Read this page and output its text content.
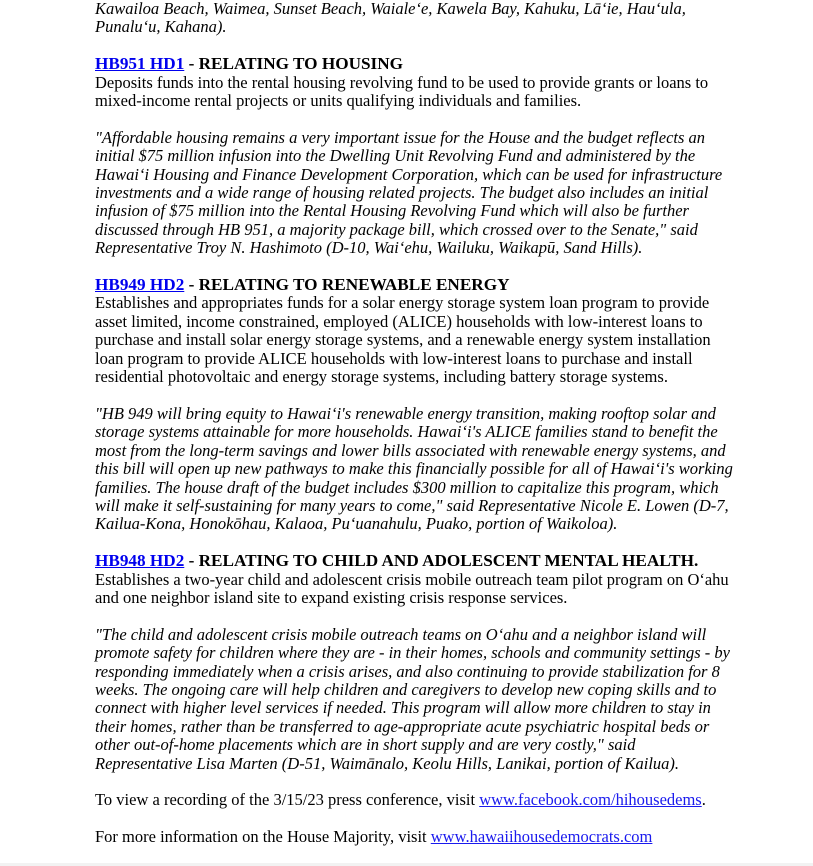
Kawailoa Beach, Waimea, Sunset Beach, Waialeʻe, Kawela Bay, Kahuku, Lāʻie, Hauʻula,
Punaluʻu, Kahana).

HB951 HD1 - RELATING TO HOUSING

Deposits funds into the rental housing revolving fund to be used to provide grants or loans to mixed-income rental projects or units qualifying individuals and families.

"Affordable housing remains a very important issue for the House and the budget reflects an initial $75 million infusion into the Dwelling Unit Revolving Fund and administered by the Hawaiʻi Housing and Finance Development Corporation, which can be used for infrastructure investments and a wide range of housing related projects. The budget also includes an initial infusion of $75 million into the Rental Housing Revolving Fund which will also be further discussed through HB 951, a majority package bill, which crossed over to the Senate," said Representative Troy N. Hashimoto (D-10, Waiʻehu, Wailuku, Waikapū, Sand Hills).

HB949 HD2 - RELATING TO RENEWABLE ENERGY

Establishes and appropriates funds for a solar energy storage system loan program to provide asset limited, income constrained, employed (ALICE) households with low-interest loans to purchase and install solar energy storage systems, and a renewable energy system installation loan program to provide ALICE households with low-interest loans to purchase and install residential photovoltaic and energy storage systems, including battery storage systems.

"HB 949 will bring equity to Hawaiʻi's renewable energy transition, making rooftop solar and storage systems attainable for more households. Hawaiʻi's ALICE families stand to benefit the most from the long-term savings and lower bills associated with renewable energy systems, and this bill will open up new pathways to make this financially possible for all of Hawaiʻi's working families. The house draft of the budget includes $300 million to capitalize this program, which will make it self-sustaining for many years to come," said Representative Nicole E. Lowen (D-7, Kailua-Kona, Honokōhau, Kalaoa, Puʻuanahulu, Puako, portion of Waikoloa).

HB948 HD2 - RELATING TO CHILD AND ADOLESCENT MENTAL HEALTH.

Establishes a two-year child and adolescent crisis mobile outreach team pilot program on Oʻahu and one neighbor island site to expand existing crisis response services.

"The child and adolescent crisis mobile outreach teams on Oʻahu and a neighbor island will promote safety for children where they are - in their homes, schools and community settings - by responding immediately when a crisis arises, and also continuing to provide stabilization for 8 weeks. The ongoing care will help children and caregivers to develop new coping skills and to connect with higher level services if needed. This program will allow more children to stay in their homes, rather than be transferred to age-appropriate acute psychiatric hospital beds or other out-of-home placements which are in short supply and are very costly," said Representative Lisa Marten (D-51, Waimānalo, Keolu Hills, Lanikai, portion of Kailua).

To view a recording of the 3/15/23 press conference, visit www.facebook.com/hihousedems.

For more information on the House Majority, visit www.hawaiihousedemocrats.com
